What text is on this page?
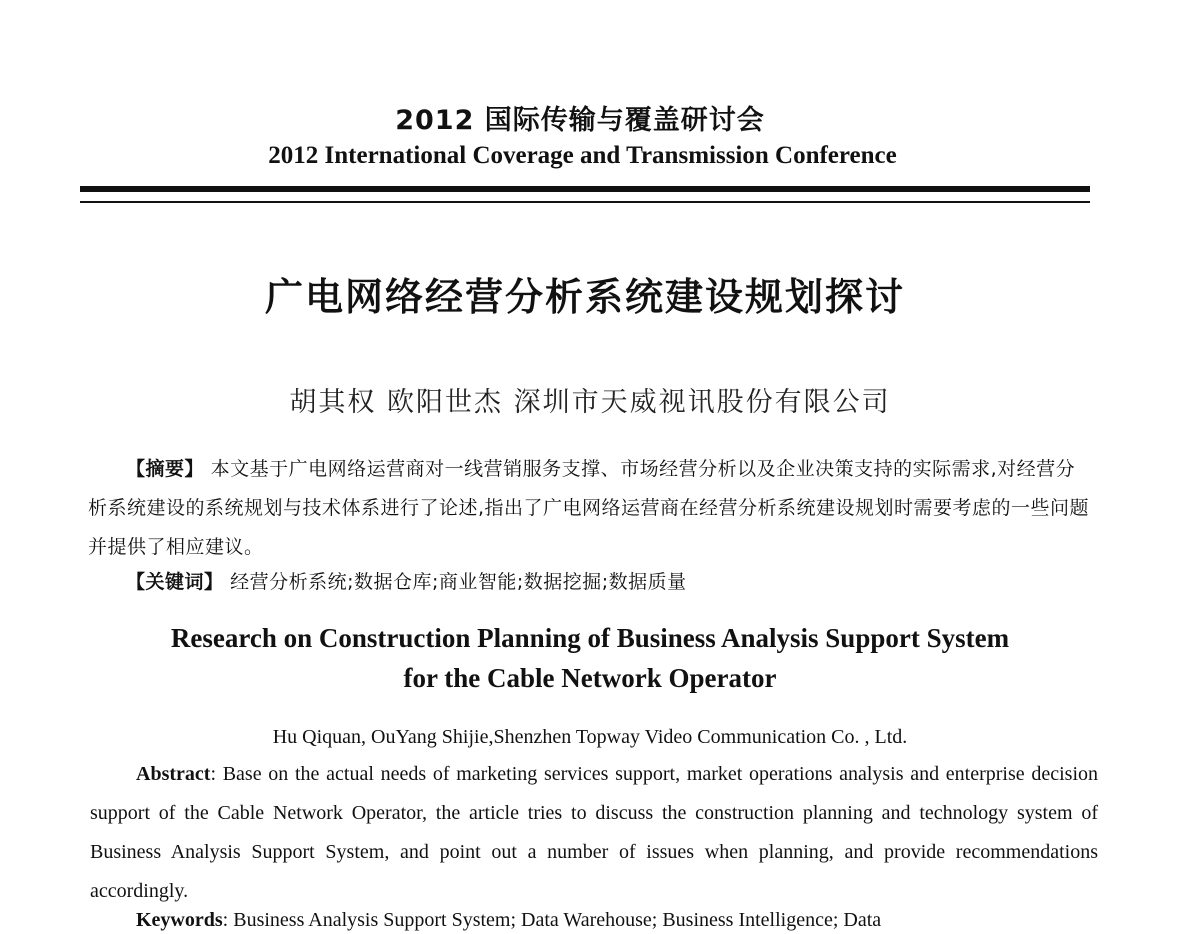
2012 国际传输与覆盖研讨会
2012 International Coverage and Transmission Conference
广电网络经营分析系统建设规划探讨
胡其权 欧阳世杰 深圳市天威视讯股份有限公司

【摘要】 本文基于广电网络运营商对一线营销服务支撑、市场经营分析以及企业决策支持的实际需求,对经营分析系统建设的系统规划与技术体系进行了论述,指出了广电网络运营商在经营分析系统建设规划时需要考虑的一些问题并提供了相应建议。

【关键词】 经营分析系统;数据仓库;商业智能;数据挖掘;数据质量

Research on Construction Planning of Business Analysis Support System
for the Cable Network Operator
Hu Qiquan, OuYang Shijie,Shenzhen Topway Video Communication Co. , Ltd.

Abstract: Base on the actual needs of marketing services support, market operations analysis and enterprise decision support of the Cable Network Operator, the article tries to discuss the construction planning and technology system of Business Analysis Support System, and point out a number of issues when planning, and provide recommendations accordingly.

Keywords: Business Analysis Support System; Data Warehouse; Business Intelligence; Data
